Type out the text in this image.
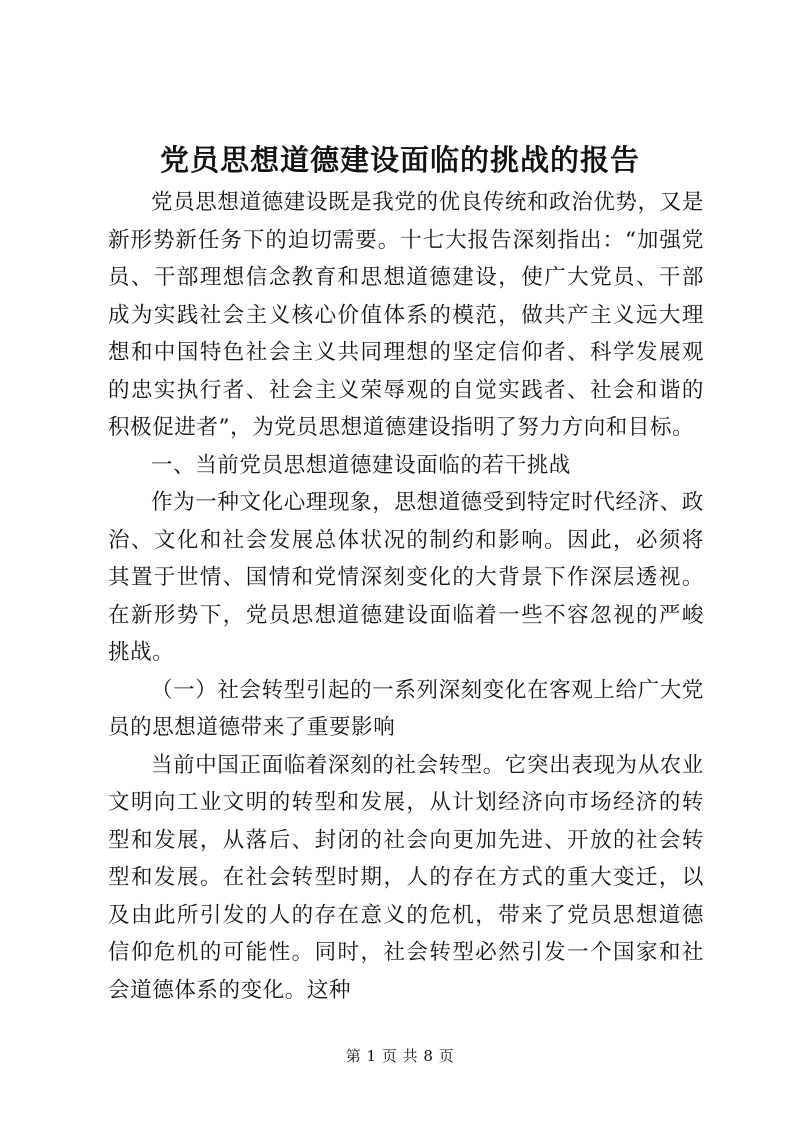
党员思想道德建设面临的挑战的报告

党员思想道德建设既是我党的优良传统和政治优势，又是新形势新任务下的迫切需要。十七大报告深刻指出：“加强党员、干部理想信念教育和思想道德建设，使广大党员、干部成为实践社会主义核心价值体系的模范，做共产主义远大理想和中国特色社会主义共同理想的坚定信仰者、科学发展观的忠实执行者、社会主义荣辱观的自觉实践者、社会和谐的积极促进者”，为党员思想道德建设指明了努力方向和目标。

一、当前党员思想道德建设面临的若干挑战

作为一种文化心理现象，思想道德受到特定时代经济、政治、文化和社会发展总体状况的制约和影响。因此，必须将其置于世情、国情和党情深刻变化的大背景下作深层透视。在新形势下，党员思想道德建设面临着一些不容忽视的严峻挑战。

（一）社会转型引起的一系列深刻变化在客观上给广大党员的思想道德带来了重要影响

当前中国正面临着深刻的社会转型。它突出表现为从农业文明向工业文明的转型和发展，从计划经济向市场经济的转型和发展，从落后、封闭的社会向更加先进、开放的社会转型和发展。在社会转型时期，人的存在方式的重大变迁，以及由此所引发的人的存在意义的危机，带来了党员思想道德信仰危机的可能性。同时，社会转型必然引发一个国家和社会道德体系的变化。这种

第 1 页 共 8 页
